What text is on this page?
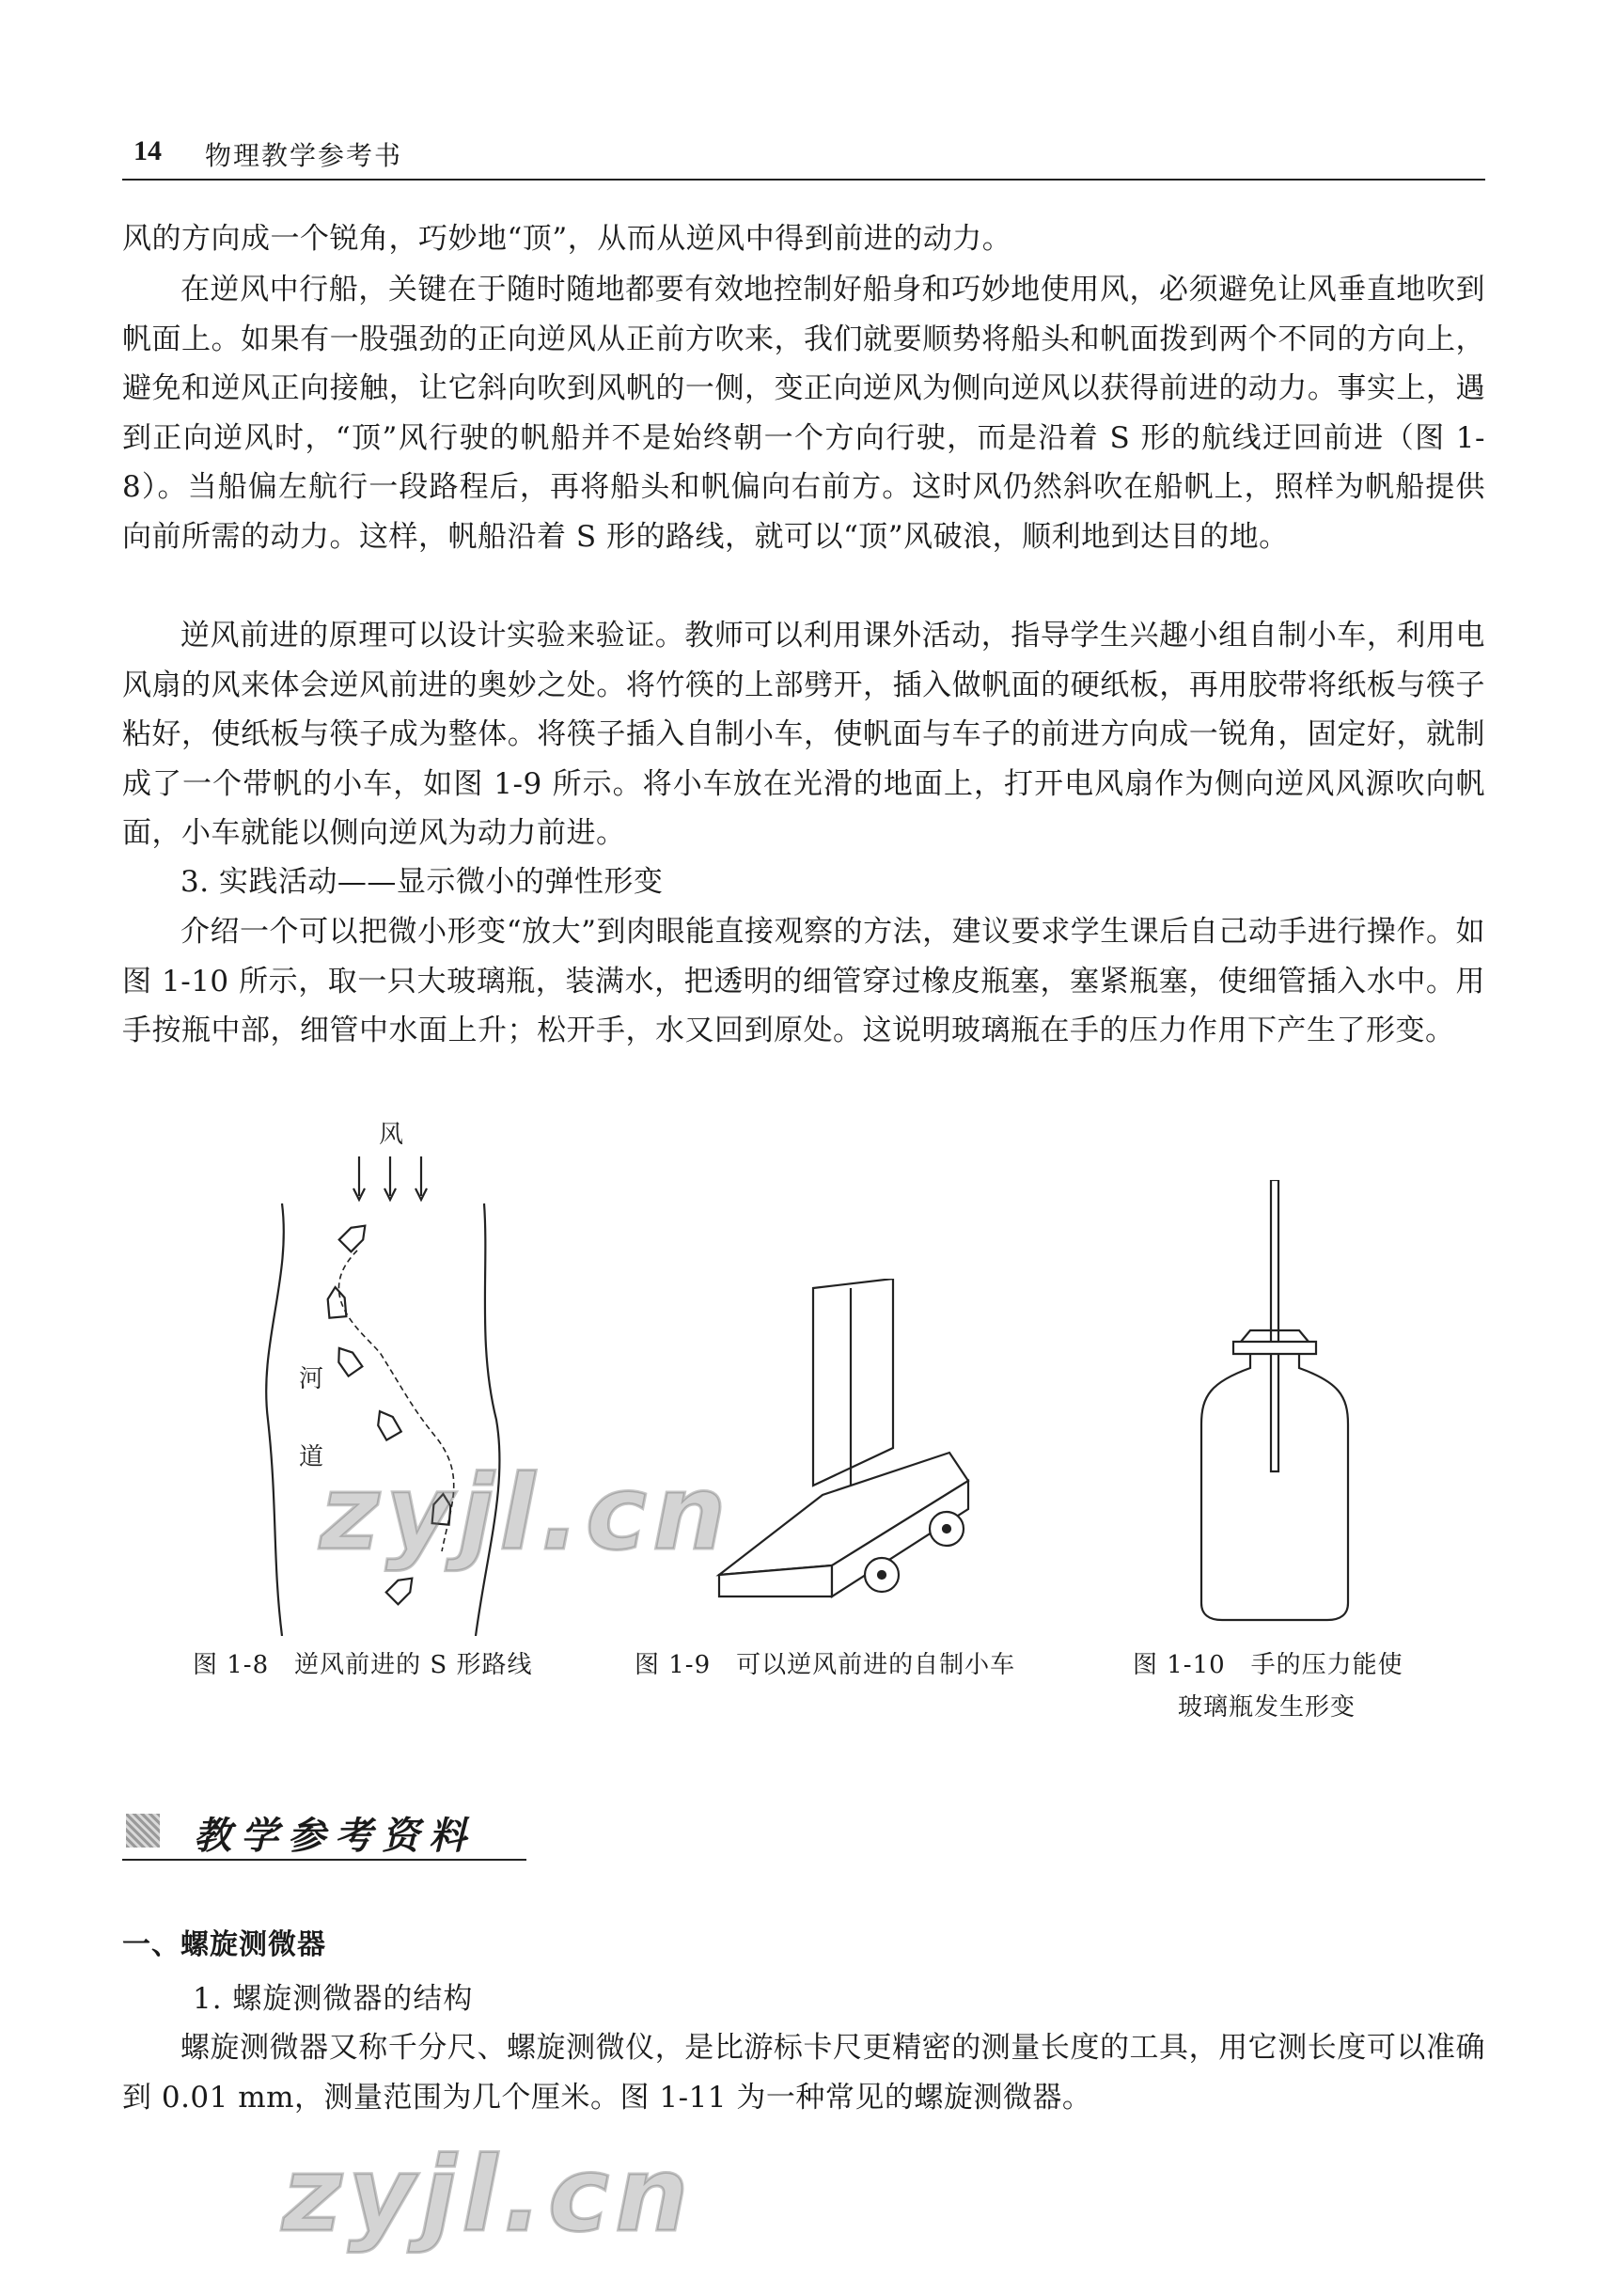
14 物理教学参考书

风的方向成一个锐角，巧妙地“顶”，从而从逆风中得到前进的动力。

在逆风中行船，关键在于随时随地都要有效地控制好船身和巧妙地使用风，必须避免让风垂直地吹到帆面上。如果有一股强劲的正向逆风从正前方吹来，我们就要顺势将船头和帆面拨到两个不同的方向上，避免和逆风正向接触，让它斜向吹到风帆的一侧，变正向逆风为侧向逆风以获得前进的动力。事实上，遇到正向逆风时，“顶”风行驶的帆船并不是始终朝一个方向行驶，而是沿着 S 形的航线迂回前进（图 1-8）。当船偏左航行一段路程后，再将船头和帆偏向右前方。这时风仍然斜吹在船帆上，照样为帆船提供向前所需的动力。这样，帆船沿着 S 形的路线，就可以“顶”风破浪，顺利地到达目的地。

逆风前进的原理可以设计实验来验证。教师可以利用课外活动，指导学生兴趣小组自制小车，利用电风扇的风来体会逆风前进的奥妙之处。将竹筷的上部劈开，插入做帆面的硬纸板，再用胶带将纸板与筷子粘好，使纸板与筷子成为整体。将筷子插入自制小车，使帆面与车子的前进方向成一锐角，固定好，就制成了一个带帆的小车，如图 1-9 所示。将小车放在光滑的地面上，打开电风扇作为侧向逆风风源吹向帆面，小车就能以侧向逆风为动力前进。

3. 实践活动——显示微小的弹性形变

介绍一个可以把微小形变“放大”到肉眼能直接观察的方法，建议要求学生课后自己动手进行操作。如图 1-10 所示，取一只大玻璃瓶，装满水，把透明的细管穿过橡皮瓶塞，塞紧瓶塞，使细管插入水中。用手按瓶中部，细管中水面上升；松开手，水又回到原处。这说明玻璃瓶在手的压力作用下产生了形变。

风
河
道
图 1-8　逆风前进的 S 形路线	图 1-9　可以逆风前进的自制小车	图 1-10　手的压力能使
玻璃瓶发生形变
教学参考资料
一、螺旋测微器
1. 螺旋测微器的结构

螺旋测微器又称千分尺、螺旋测微仪，是比游标卡尺更精密的测量长度的工具，用它测长度可以准确到 0.01 mm，测量范围为几个厘米。图 1-11 为一种常见的螺旋测微器。

zyjl.cn
zyjl.cn
